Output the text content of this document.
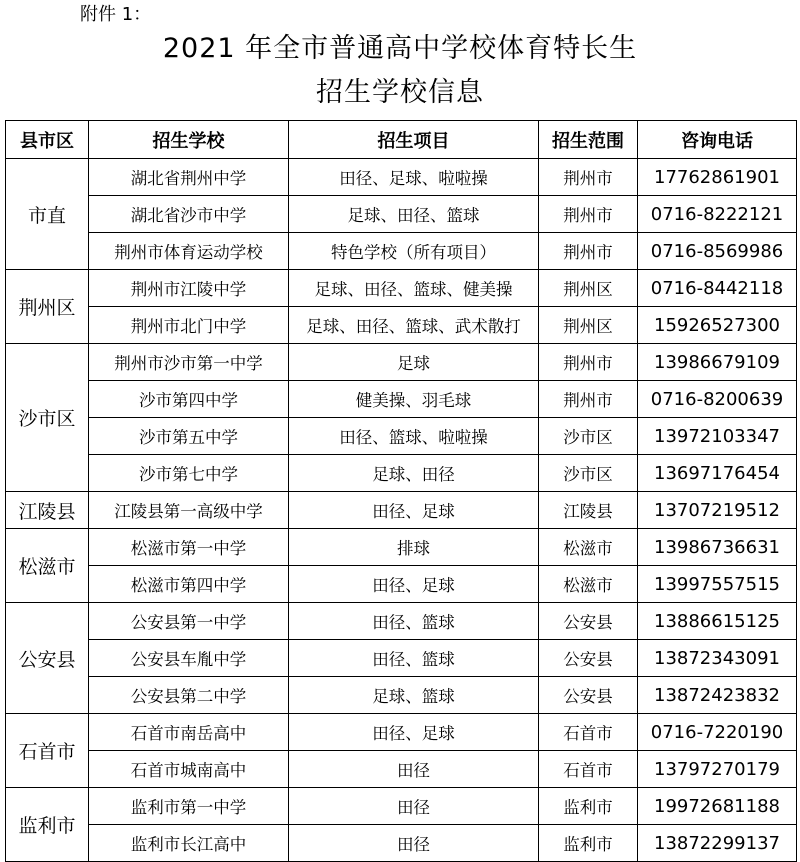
附件 1：
2021 年全市普通高中学校体育特长生
招生学校信息
县市区	招生学校	招生项目	招生范围	咨询电话
市直	湖北省荆州中学	田径、足球、啦啦操	荆州市	17762861901
	湖北省沙市中学	足球、田径、篮球	荆州市	0716-8222121
	荆州市体育运动学校	特色学校（所有项目）	荆州市	0716-8569986
荆州区	荆州市江陵中学	足球、田径、篮球、健美操	荆州区	0716-8442118
	荆州市北门中学	足球、田径、篮球、武术散打	荆州区	15926527300
沙市区	荆州市沙市第一中学	足球	荆州市	13986679109
	沙市第四中学	健美操、羽毛球	荆州市	0716-8200639
	沙市第五中学	田径、篮球、啦啦操	沙市区	13972103347
	沙市第七中学	足球、田径	沙市区	13697176454
江陵县	江陵县第一高级中学	田径、足球	江陵县	13707219512
松滋市	松滋市第一中学	排球	松滋市	13986736631
	松滋市第四中学	田径、足球	松滋市	13997557515
公安县	公安县第一中学	田径、篮球	公安县	13886615125
	公安县车胤中学	田径、篮球	公安县	13872343091
	公安县第二中学	足球、篮球	公安县	13872423832
石首市	石首市南岳高中	田径、足球	石首市	0716-7220190
	石首市城南高中	田径	石首市	13797270179
监利市	监利市第一中学	田径	监利市	19972681188
	监利市长江高中	田径	监利市	13872299137
